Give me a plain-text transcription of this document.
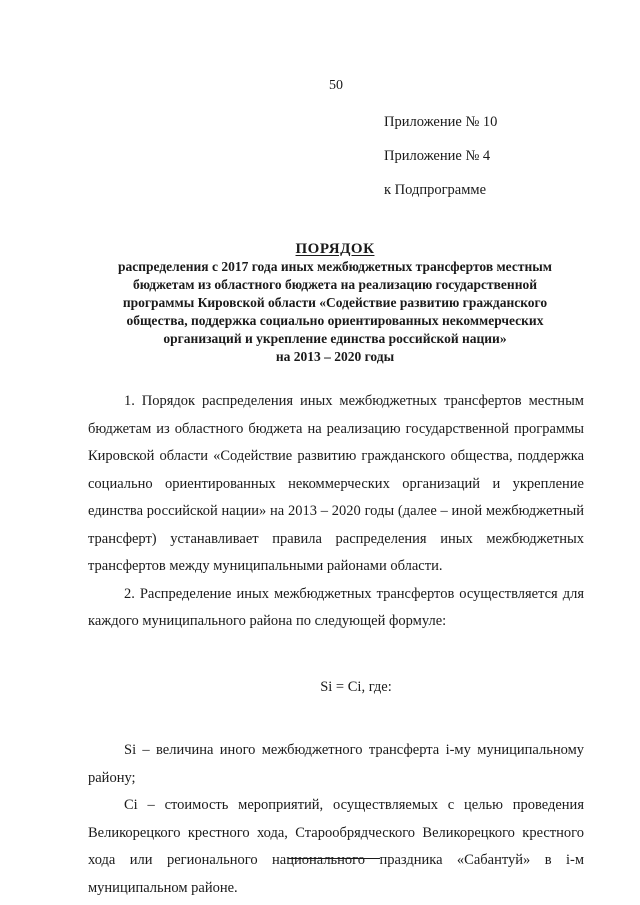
50
Приложение № 10
Приложение № 4
к Подпрограмме
ПОРЯДОК
распределения с 2017 года иных межбюджетных трансфертов местным
бюджетам из областного бюджета на реализацию государственной
программы Кировской области «Содействие развитию гражданского
общества, поддержка социально ориентированных некоммерческих
организаций и укрепление единства российской нации»
на 2013 – 2020 годы

1. Порядок распределения иных межбюджетных трансфертов местным бюджетам из областного бюджета на реализацию государственной программы Кировской области «Содействие развитию гражданского общества, поддержка социально ориентированных некоммерческих организаций и укрепление единства российской нации» на 2013 – 2020 годы (далее – иной межбюджетный трансферт) устанавливает правила распределения иных межбюджетных трансфертов между муниципальными районами области.

2. Распределение иных межбюджетных трансфертов осуществляется для каждого муниципального района по следующей формуле:

Si = Ci, где:

Si – величина иного межбюджетного трансферта i-му муниципальному району;

Ci – стоимость мероприятий, осуществляемых с целью проведения Великорецкого крестного хода, Старообрядческого Великорецкого крестного хода или регионального национального праздника «Сабантуй» в i-м муниципальном районе.
